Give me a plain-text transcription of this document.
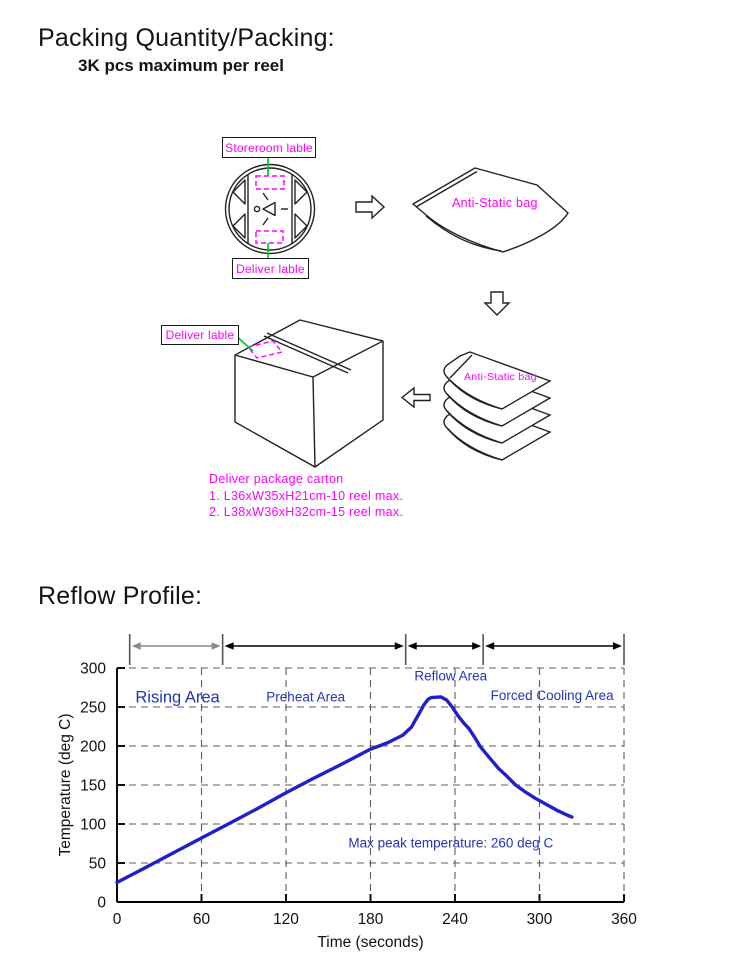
Packing Quantity/Packing:
3K pcs maximum per reel
Storeroom lable
Deliver lable
Deliver lable
Anti-Static bag
Anti-Static bag
Deliver package carton
1. L36xW35xH21cm-10 reel max.
2. L38xW36xH32cm-15 reel max.
Reflow Profile:
0
50
100
150
200
250
300
0	60	120	180	240	300	360
Time (seconds)
Temperature (deg C)
Rising Area	Preheat Area
Reflow Area
Forced Cooling Area
Max peak temperature: 260 deg C
